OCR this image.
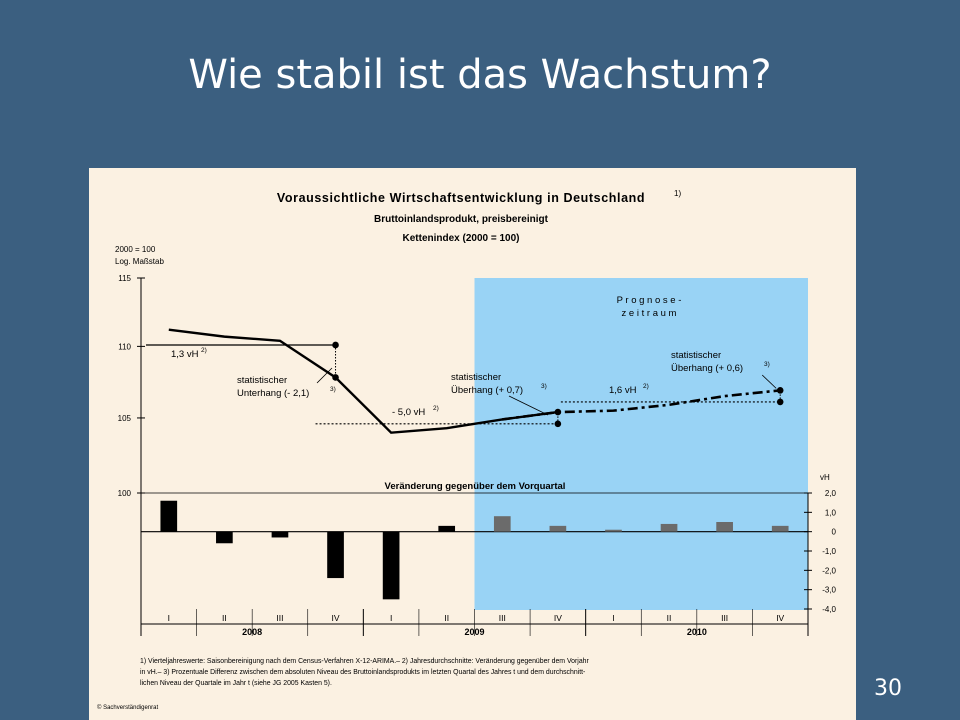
Wie stabil ist das Wachstum?
Voraussichtliche Wirtschaftsentwicklung in Deutschland	1)
Bruttoinlandsprodukt, preisbereinigt
Kettenindex (2000 = 100)
2000 = 100
Log. Maßstab
P r o g n o s e -
z e i t r a u m
1,3 vH 2)
statistischer
Unterhang (- 2,1)	3)
- 5,0 vH 2)
statistischer
Überhang (+ 0,7)	3)	1,6 vH 2)
statistischer
Überhang (+ 0,6)	3)
Veränderung gegenüber dem Vorquartal
vH
1) Vierteljahreswerte: Saisonbereinigung nach dem Census-Verfahren X-12-ARIMA.– 2) Jahresdurchschnitte: Veränderung gegenüber dem Vorjahr
in vH.– 3) Prozentuale Differenz zwischen dem absoluten Niveau des Bruttoinlandsprodukts im letzten Quartal des Jahres t und dem durchschnitt-
lichen Niveau der Quartale im Jahr t (siehe JG 2005 Kasten 5).
© Sachverständigenrat
100
105
110
115
2,0
1,0
0
-1,0
-2,0
-3,0
-4,0
I	II	III	IV	I	II	III	IV	I	II	III	IV
2008	2009	2010
30
